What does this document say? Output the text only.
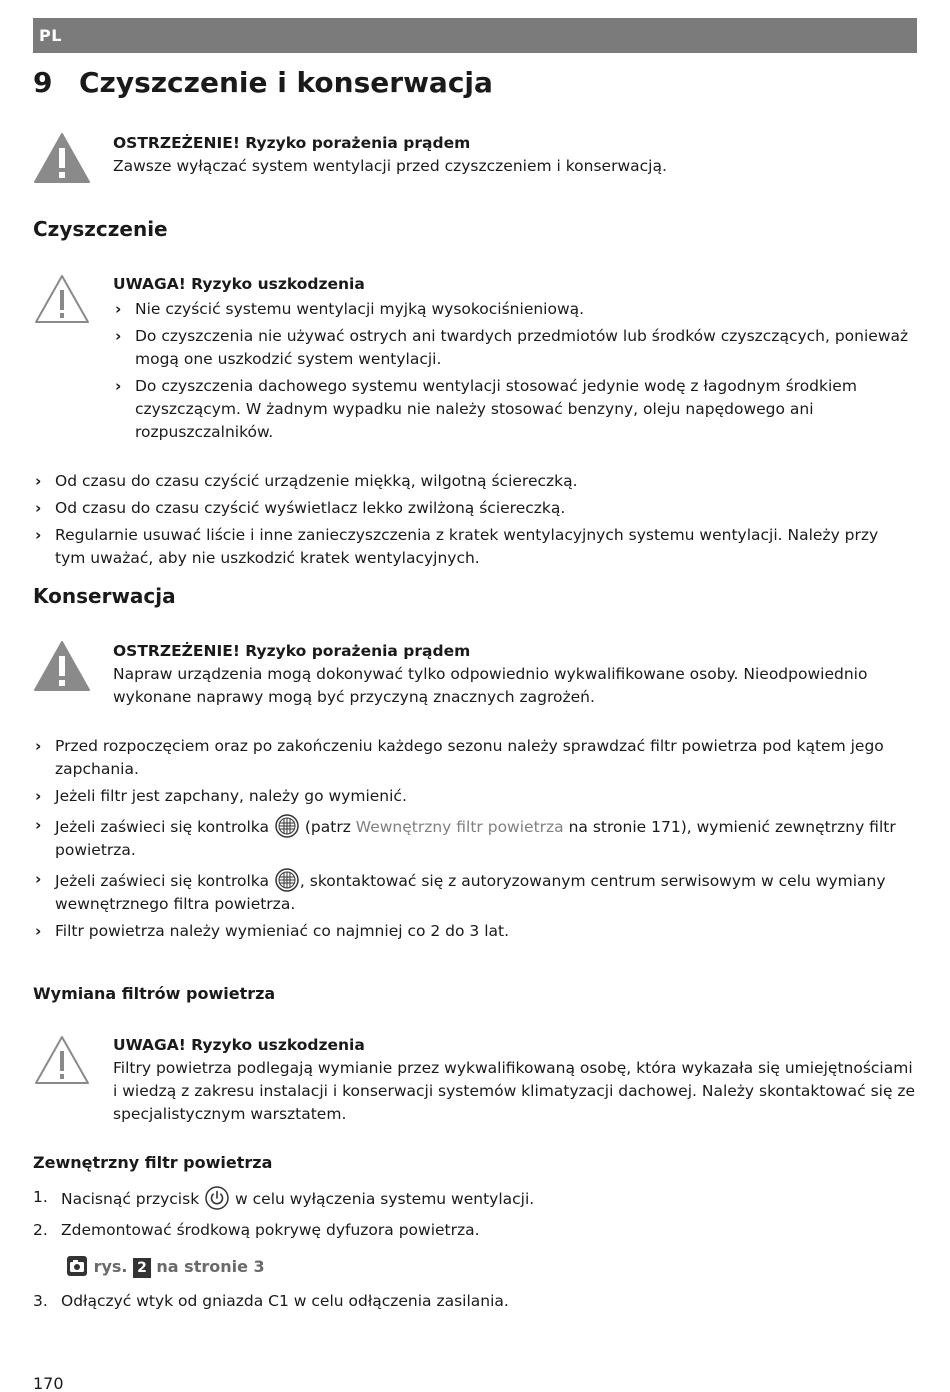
PL
9 Czyszczenie i konserwacja
OSTRZEŻENIE! Ryzyko porażenia prądem
Zawsze wyłączać system wentylacji przed czyszczeniem i konserwacją.
Czyszczenie
UWAGA! Ryzyko uszkodzenia
› Nie czyścić systemu wentylacji myjką wysokociśnieniową.
› Do czyszczenia nie używać ostrych ani twardych przedmiotów lub środków czyszczących, ponieważ mogą one uszkodzić system wentylacji.
› Do czyszczenia dachowego systemu wentylacji stosować jedynie wodę z łagodnym środkiem czyszczącym. W żadnym wypadku nie należy stosować benzyny, oleju napędowego ani rozpuszczalników.
› Od czasu do czasu czyścić urządzenie miękką, wilgotną ściereczką.
› Od czasu do czasu czyścić wyświetlacz lekko zwilżoną ściereczką.
› Regularnie usuwać liście i inne zanieczyszczenia z kratek wentylacyjnych systemu wentylacji. Należy przy tym uważać, aby nie uszkodzić kratek wentylacyjnych.
Konserwacja
OSTRZEŻENIE! Ryzyko porażenia prądem
Napraw urządzenia mogą dokonywać tylko odpowiednio wykwalifikowane osoby. Nieodpowiednio wykonane naprawy mogą być przyczyną znacznych zagrożeń.
› Przed rozpoczęciem oraz po zakończeniu każdego sezonu należy sprawdzać filtr powietrza pod kątem jego zapchania.
› Jeżeli filtr jest zapchany, należy go wymienić.
› Jeżeli zaświeci się kontrolka (patrz Wewnętrzny filtr powietrza na stronie 171), wymienić zewnętrzny filtr powietrza.
› Jeżeli zaświeci się kontrolka , skontaktować się z autoryzowanym centrum serwisowym w celu wymiany wewnętrznego filtra powietrza.
› Filtr powietrza należy wymieniać co najmniej co 2 do 3 lat.
Wymiana filtrów powietrza
UWAGA! Ryzyko uszkodzenia
Filtry powietrza podlegają wymianie przez wykwalifikowaną osobę, która wykazała się umiejętnościami i wiedzą z zakresu instalacji i konserwacji systemów klimatyzacji dachowej. Należy skontaktować się ze specjalistycznym warsztatem.
Zewnętrzny filtr powietrza
1. Nacisnąć przycisk w celu wyłączenia systemu wentylacji.
2. Zdemontować środkową pokrywę dyfuzora powietrza.
rys. 2 na stronie 3
3. Odłączyć wtyk od gniazda C1 w celu odłączenia zasilania.
170
